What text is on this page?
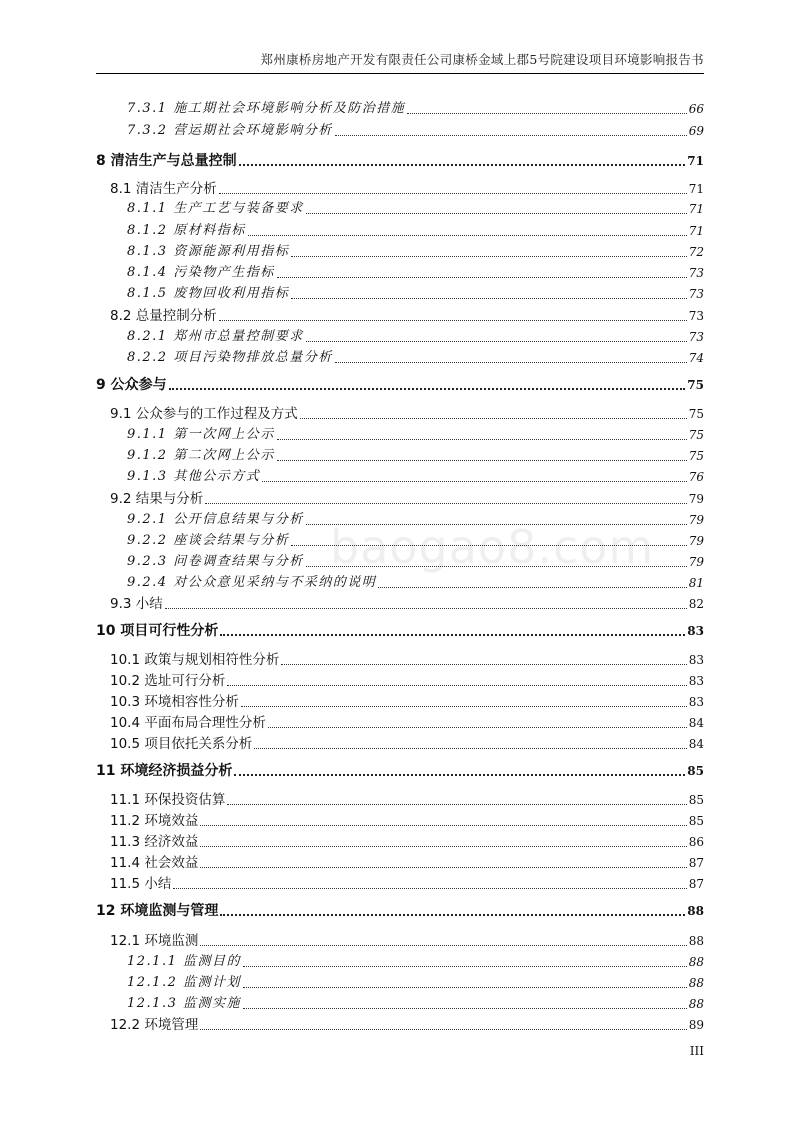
郑州康桥房地产开发有限责任公司康桥金域上郡5号院建设项目环境影响报告书
baogao8.com
7.3.1 施工期社会环境影响分析及防治措施	66
7.3.2 营运期社会环境影响分析	69
8 清洁生产与总量控制	71
8.1 清洁生产分析	71
8.1.1 生产工艺与装备要求	71
8.1.2 原材料指标	71
8.1.3 资源能源利用指标	72
8.1.4 污染物产生指标	73
8.1.5 废物回收利用指标	73
8.2 总量控制分析	73
8.2.1 郑州市总量控制要求	73
8.2.2 项目污染物排放总量分析	74
9 公众参与	75
9.1 公众参与的工作过程及方式	75
9.1.1 第一次网上公示	75
9.1.2 第二次网上公示	75
9.1.3 其他公示方式	76
9.2 结果与分析	79
9.2.1 公开信息结果与分析	79
9.2.2 座谈会结果与分析	79
9.2.3 问卷调查结果与分析	79
9.2.4 对公众意见采纳与不采纳的说明	81
9.3 小结	82
10 项目可行性分析	83
10.1 政策与规划相符性分析	83
10.2 选址可行分析	83
10.3 环境相容性分析	83
10.4 平面布局合理性分析	84
10.5 项目依托关系分析	84
11 环境经济损益分析	85
11.1 环保投资估算	85
11.2 环境效益	85
11.3 经济效益	86
11.4 社会效益	87
11.5 小结	87
12 环境监测与管理	88
12.1 环境监测	88
12.1.1 监测目的	88
12.1.2 监测计划	88
12.1.3 监测实施	88
12.2 环境管理	89
III
